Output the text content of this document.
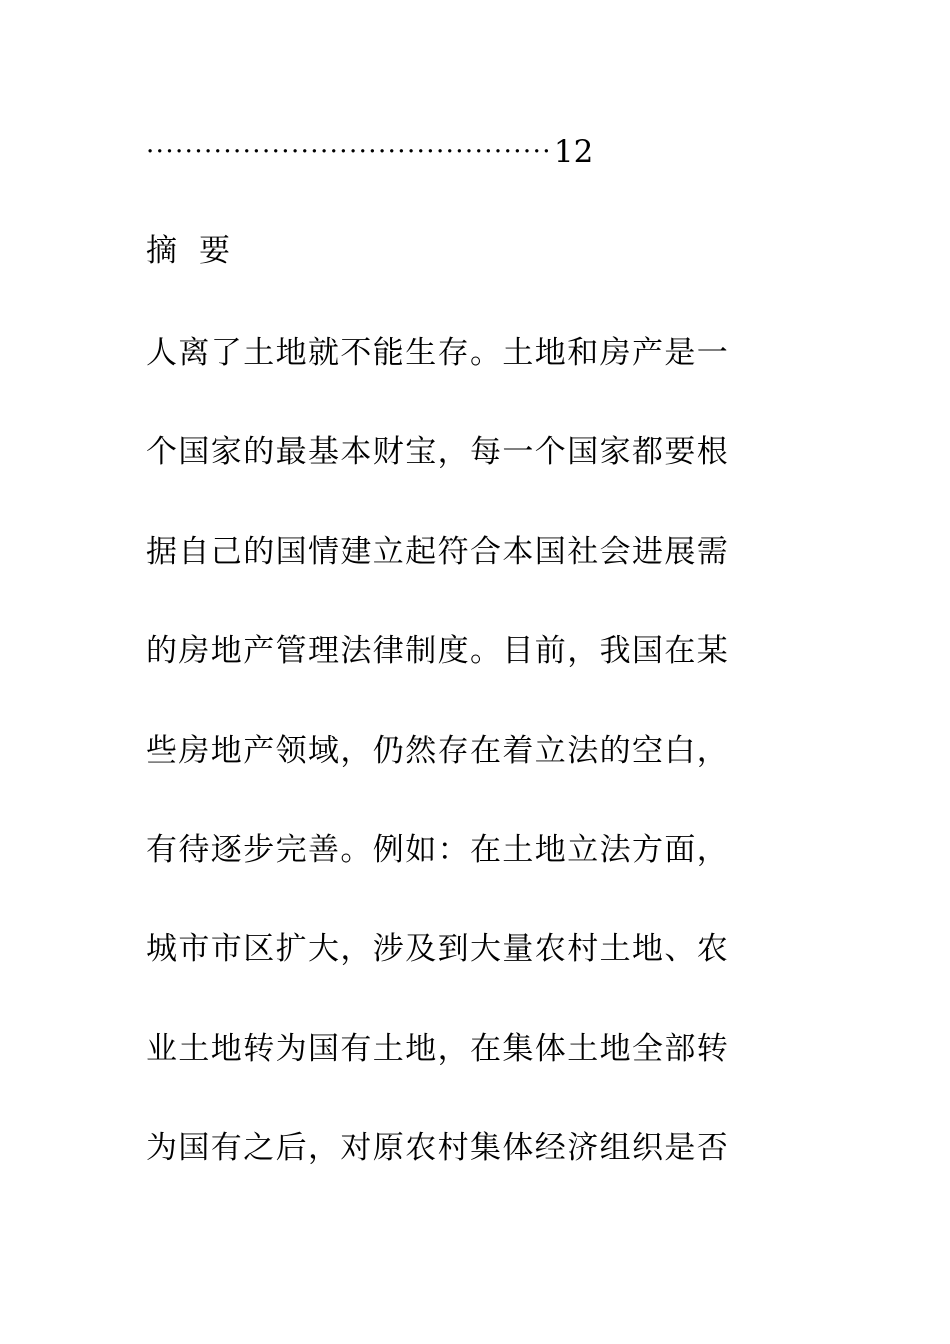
·········································· 12
摘要
人离了土地就不能生存。土地和房产是一
个国家的最基本财宝，每一个国家都要根
据自己的国情建立起符合本国社会进展需
的房地产管理法律制度。目前，我国在某
些房地产领域，仍然存在着立法的空白，
有待逐步完善。例如：在土地立法方面，
城市市区扩大，涉及到大量农村土地、农
业土地转为国有土地，在集体土地全部转
为国有之后，对原农村集体经济组织是否
